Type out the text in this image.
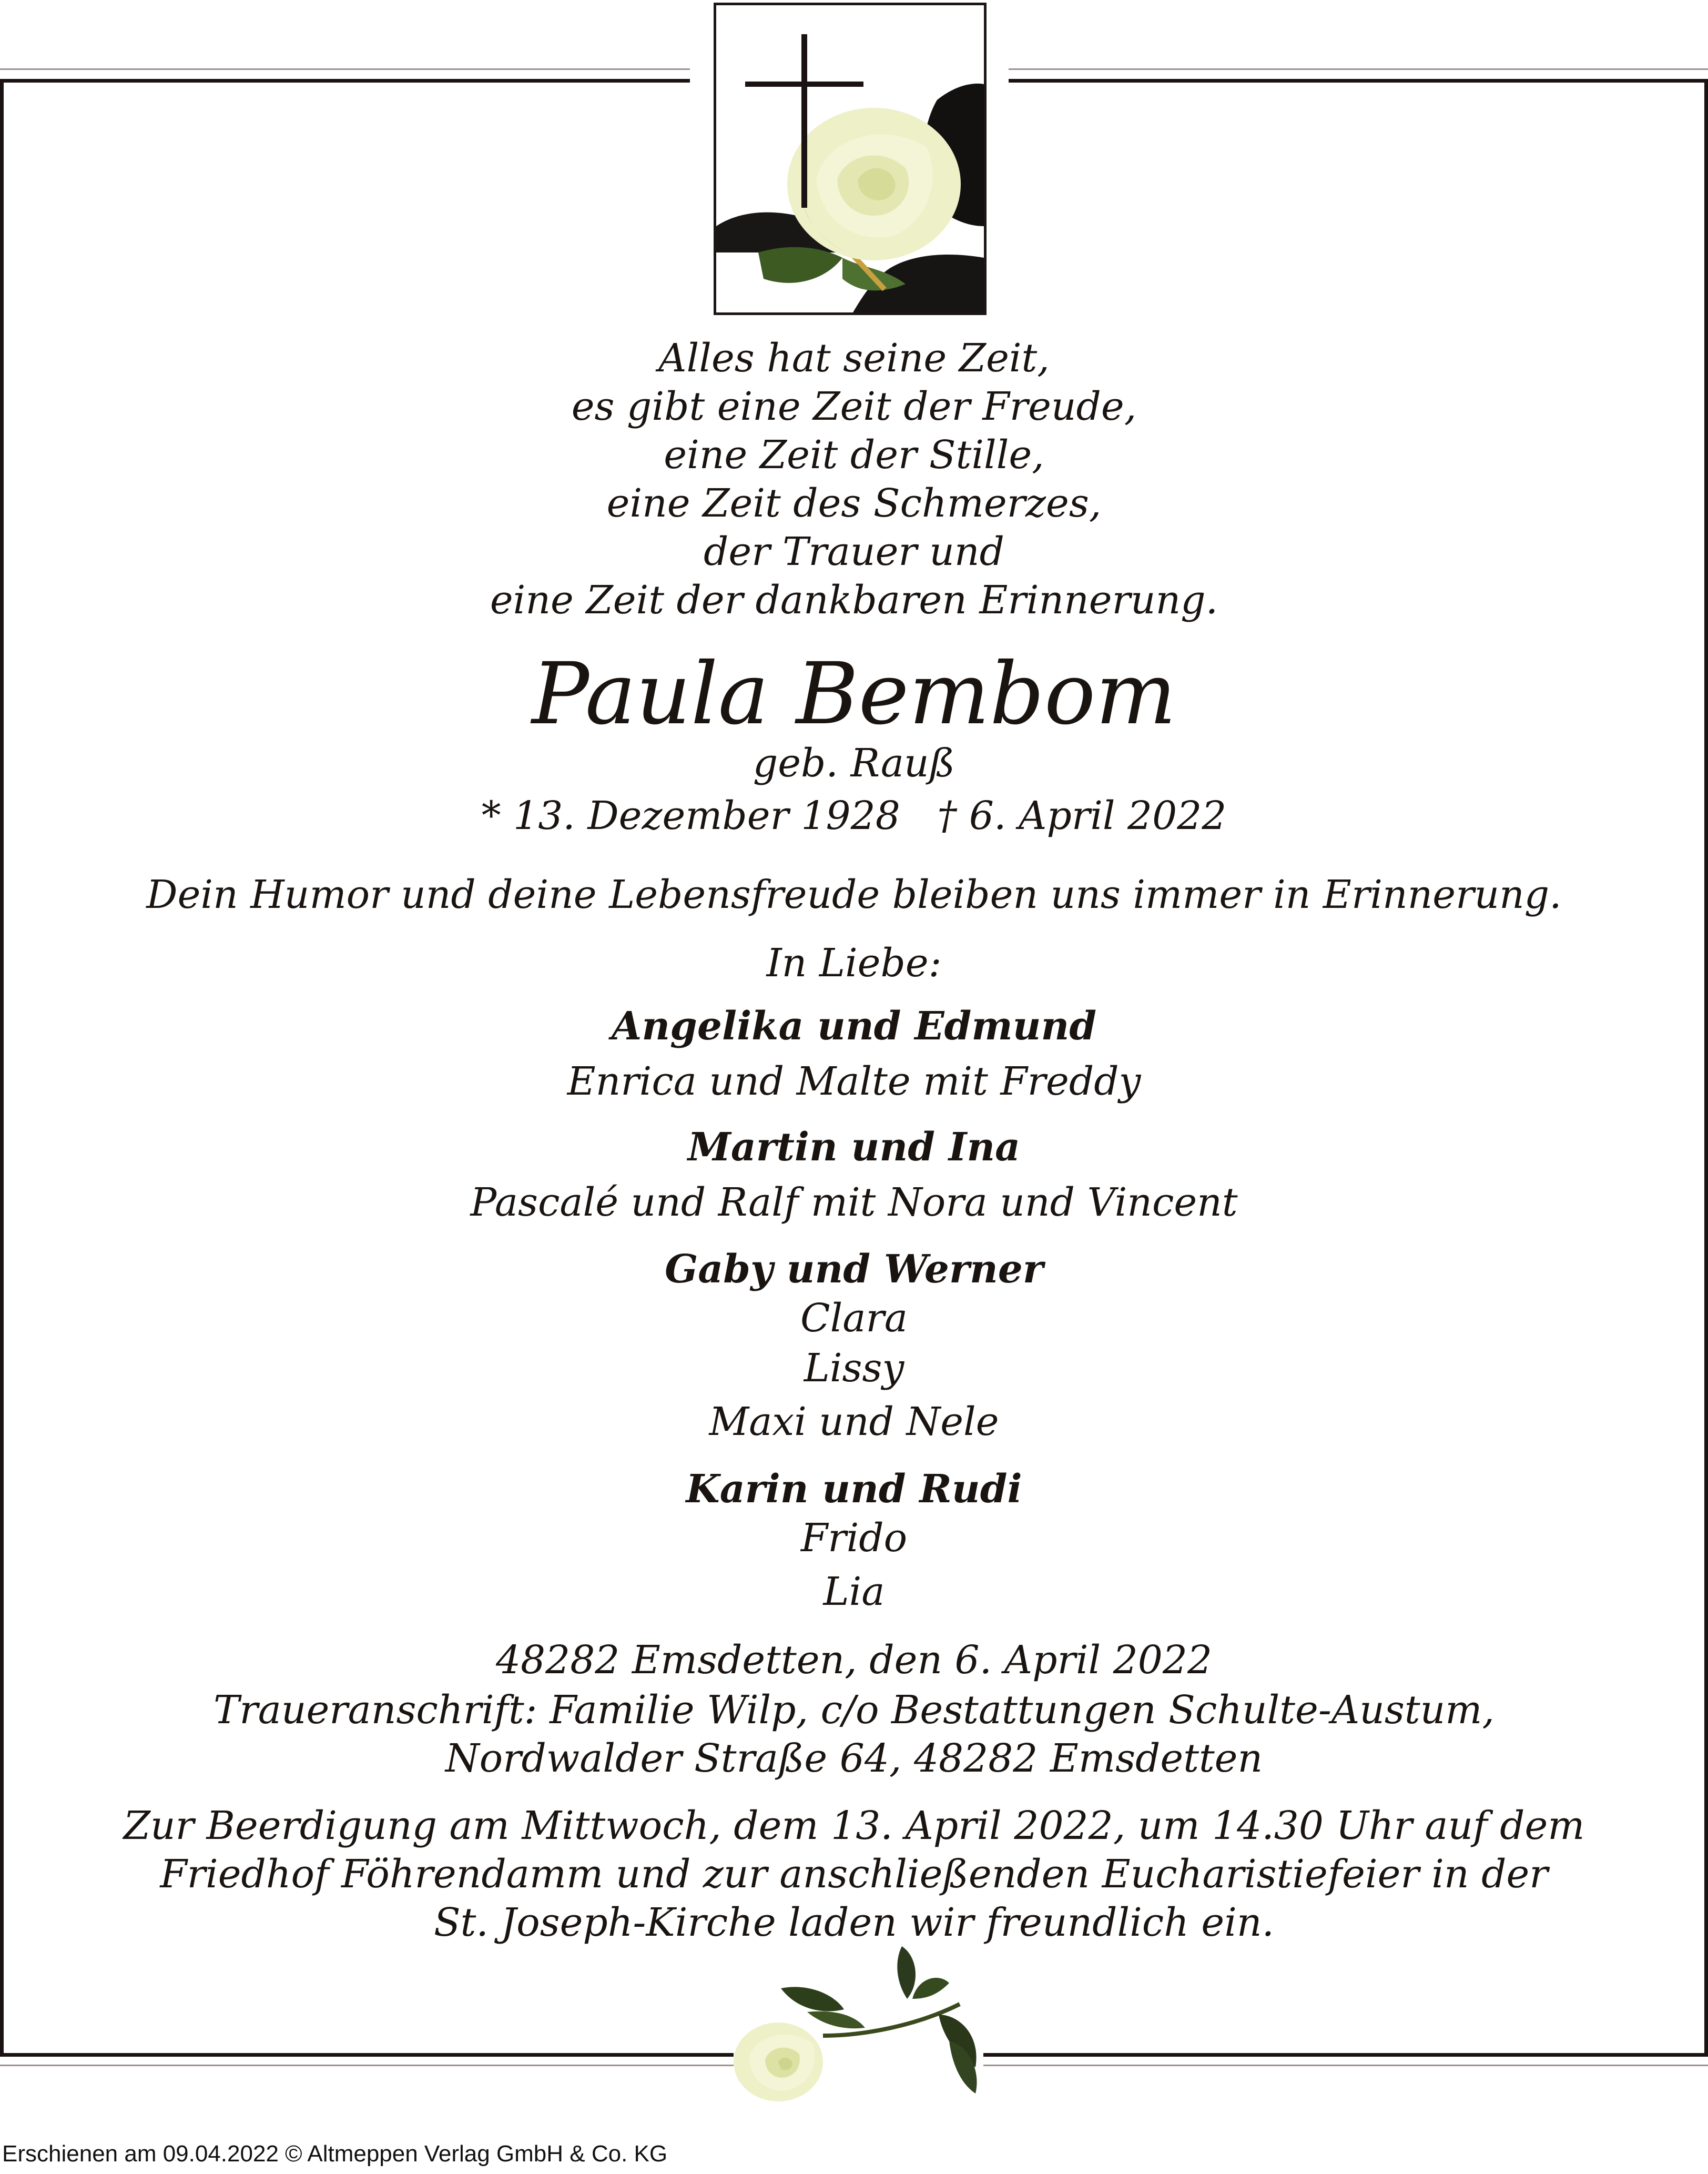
Alles hat seine Zeit,
es gibt eine Zeit der Freude,
eine Zeit der Stille,
eine Zeit des Schmerzes,
der Trauer und
eine Zeit der dankbaren Erinnerung.
Paula Bembom
geb. Rauß
* 13. Dezember 1928   † 6. April 2022
Dein Humor und deine Lebensfreude bleiben uns immer in Erinnerung.
In Liebe:
Angelika und Edmund
Enrica und Malte mit Freddy
Martin und Ina
Pascalé und Ralf mit Nora und Vincent
Gaby und Werner
Clara
Lissy
Maxi und Nele
Karin und Rudi
Frido
Lia
48282 Emsdetten, den 6. April 2022
Traueranschrift: Familie Wilp, c/o Bestattungen Schulte-Austum,
Nordwalder Straße 64, 48282 Emsdetten
Zur Beerdigung am Mittwoch, dem 13. April 2022, um 14.30 Uhr auf dem
Friedhof Föhrendamm und zur anschließenden Eucharistiefeier in der
St. Joseph-Kirche laden wir freundlich ein.
Erschienen am 09.04.2022 © Altmeppen Verlag GmbH & Co. KG
